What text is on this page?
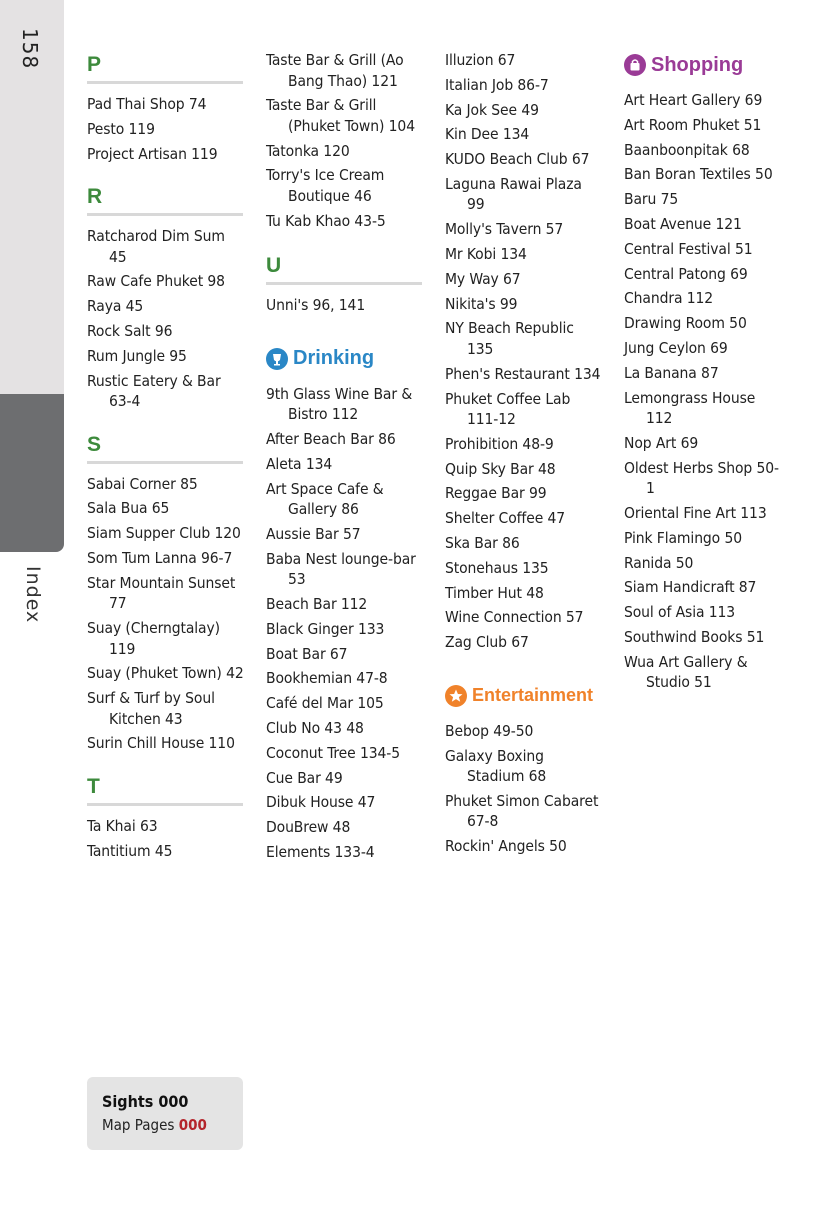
158
Index
P
Pad Thai Shop 74
Pesto 119
Project Artisan 119
R
Ratcharod Dim Sum 45
Raw Cafe Phuket 98
Raya 45
Rock Salt 96
Rum Jungle 95
Rustic Eatery & Bar 63-4
S
Sabai Corner 85
Sala Bua 65
Siam Supper Club 120
Som Tum Lanna 96-7
Star Mountain Sunset 77
Suay (Cherngtalay) 119
Suay (Phuket Town) 42
Surf & Turf by Soul Kitchen 43
Surin Chill House 110
T
Ta Khai 63
Tantitium 45
Taste Bar & Grill (Ao Bang Thao) 121
Taste Bar & Grill (Phuket Town) 104
Tatonka 120
Torry's Ice Cream Boutique 46
Tu Kab Khao 43-5
U
Unni's 96, 141
Drinking
9th Glass Wine Bar & Bistro 112
After Beach Bar 86
Aleta 134
Art Space Cafe & Gallery 86
Aussie Bar 57
Baba Nest lounge-bar 53
Beach Bar 112
Black Ginger 133
Boat Bar 67
Bookhemian 47-8
Café del Mar 105
Club No 43 48
Coconut Tree 134-5
Cue Bar 49
Dibuk House 47
DouBrew 48
Elements 133-4
Illuzion 67
Italian Job 86-7
Ka Jok See 49
Kin Dee 134
KUDO Beach Club 67
Laguna Rawai Plaza 99
Molly's Tavern 57
Mr Kobi 134
My Way 67
Nikita's 99
NY Beach Republic 135
Phen's Restaurant 134
Phuket Coffee Lab 111-12
Prohibition 48-9
Quip Sky Bar 48
Reggae Bar 99
Shelter Coffee 47
Ska Bar 86
Stonehaus 135
Timber Hut 48
Wine Connection 57
Zag Club 67
Entertainment
Bebop 49-50
Galaxy Boxing Stadium 68
Phuket Simon Cabaret 67-8
Rockin' Angels 50
Shopping
Art Heart Gallery 69
Art Room Phuket 51
Baanboonpitak 68
Ban Boran Textiles 50
Baru 75
Boat Avenue 121
Central Festival 51
Central Patong 69
Chandra 112
Drawing Room 50
Jung Ceylon 69
La Banana 87
Lemongrass House 112
Nop Art 69
Oldest Herbs Shop 50-1
Oriental Fine Art 113
Pink Flamingo 50
Ranida 50
Siam Handicraft 87
Soul of Asia 113
Southwind Books 51
Wua Art Gallery & Studio 51
Sights 000
Map Pages 000
